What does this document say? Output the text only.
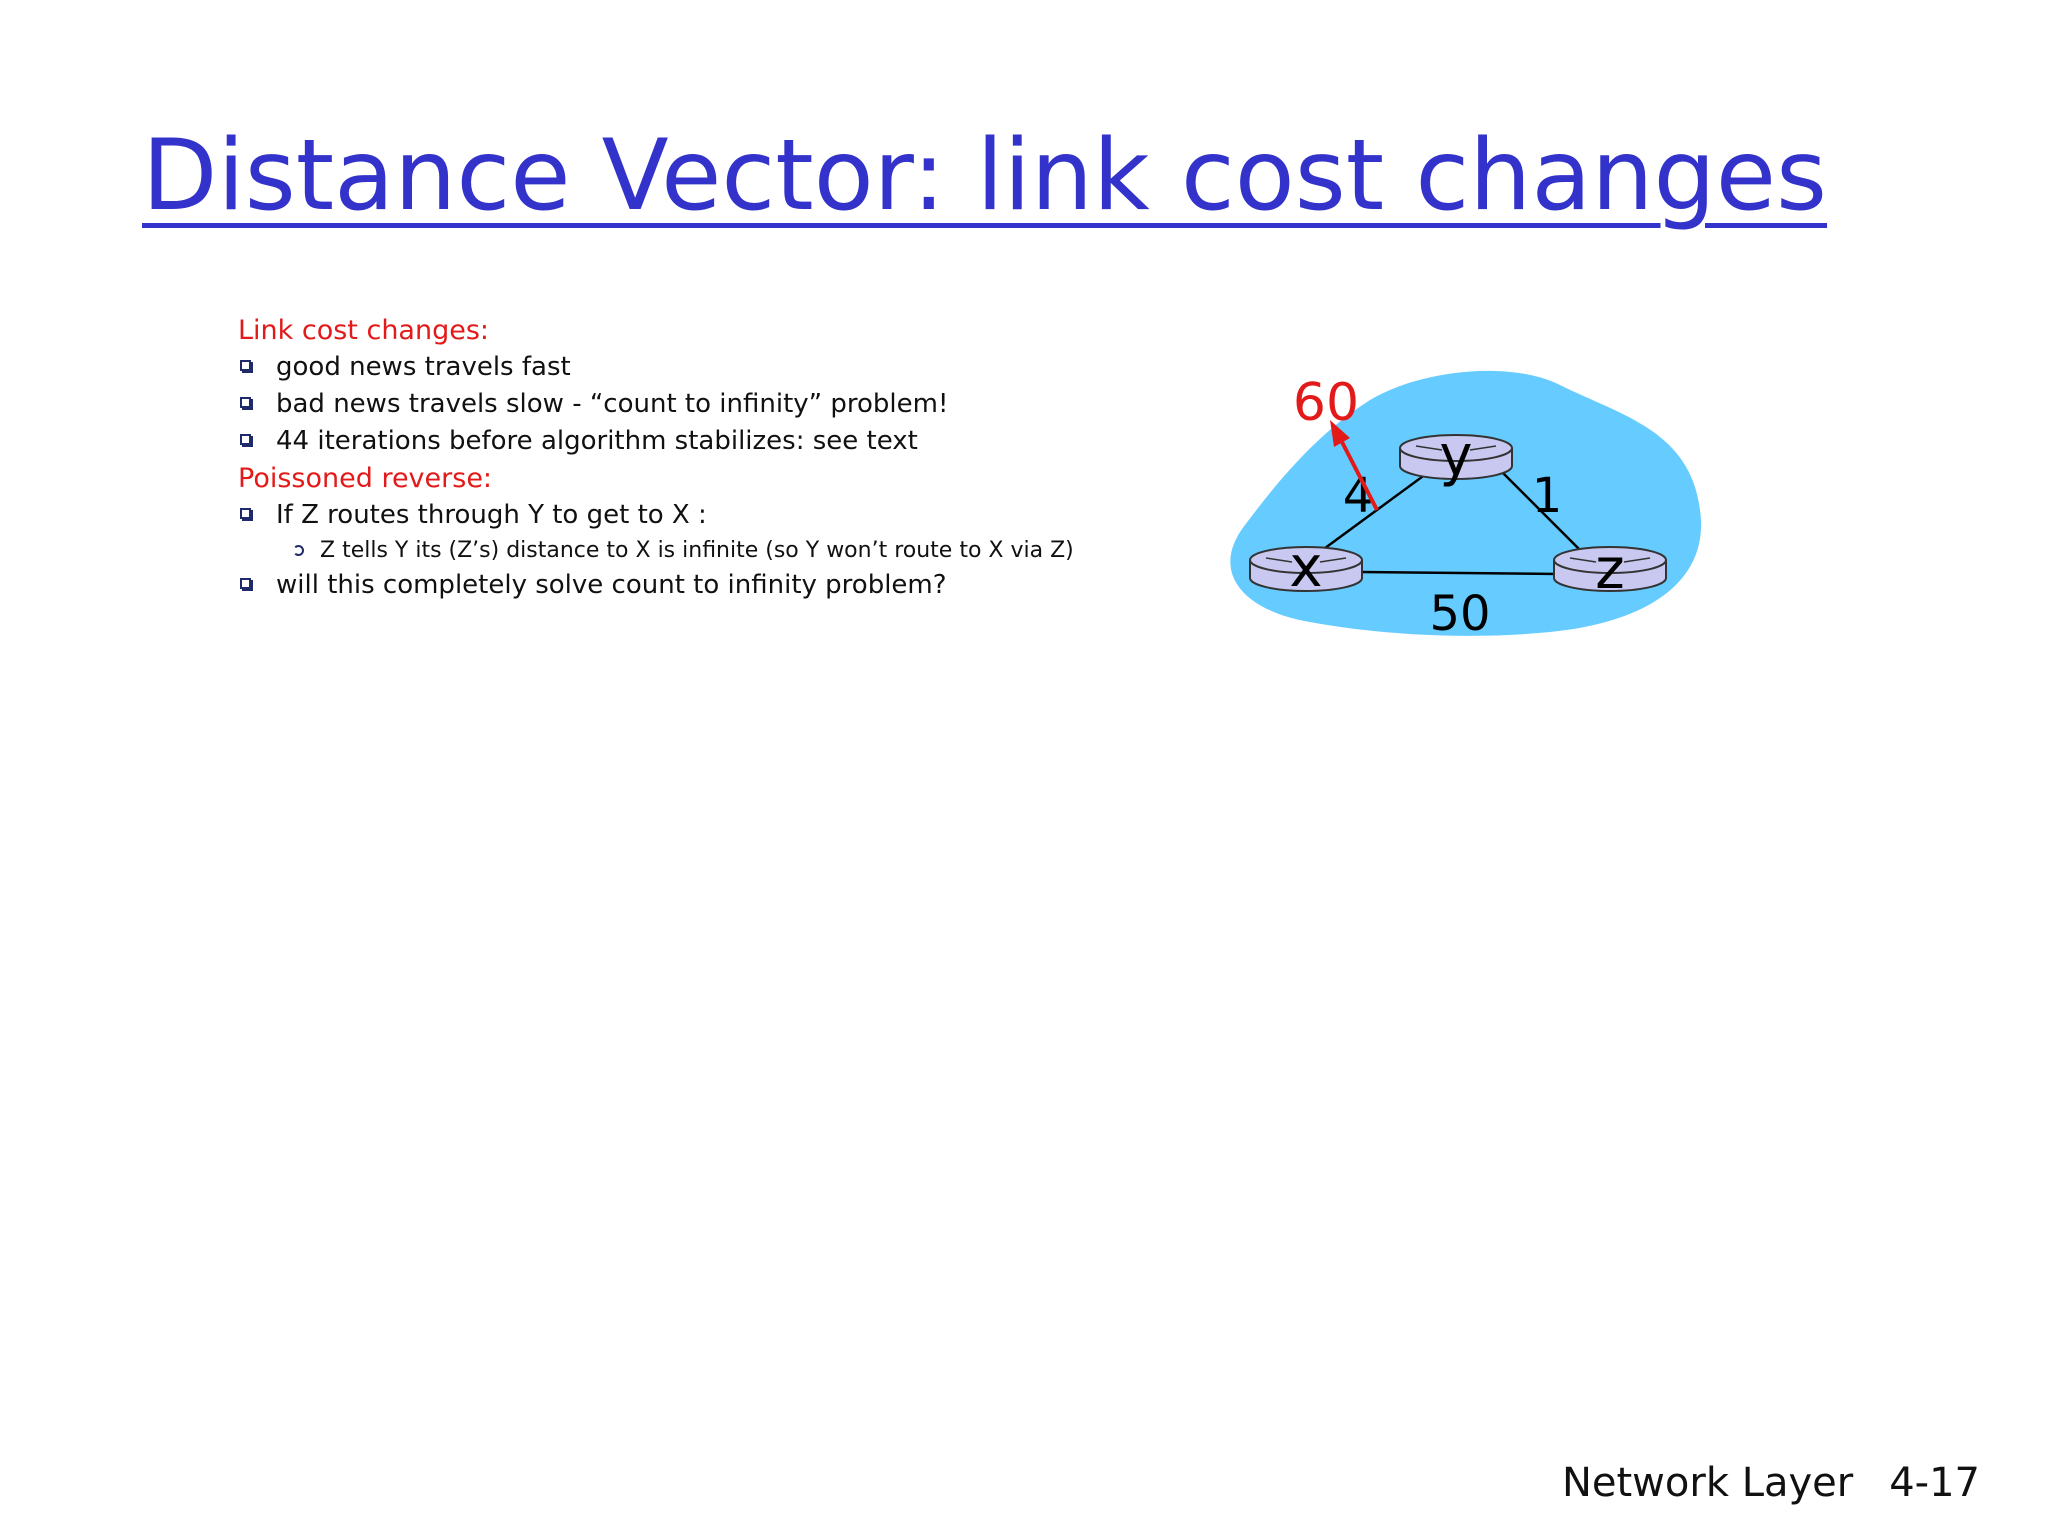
Distance Vector: link cost changes
Link cost changes:
good news travels fast
bad news travels slow - “count to infinity” problem!
44 iterations before algorithm stabilizes: see text
Poissoned reverse:
If Z routes through Y to get to X :
Z tells Y its (Z’s) distance to X is infinite (so Y won’t route to X via Z)
will this completely solve count to infinity problem?
y
x	z
4	1
50
60
Network Layer 4-17
